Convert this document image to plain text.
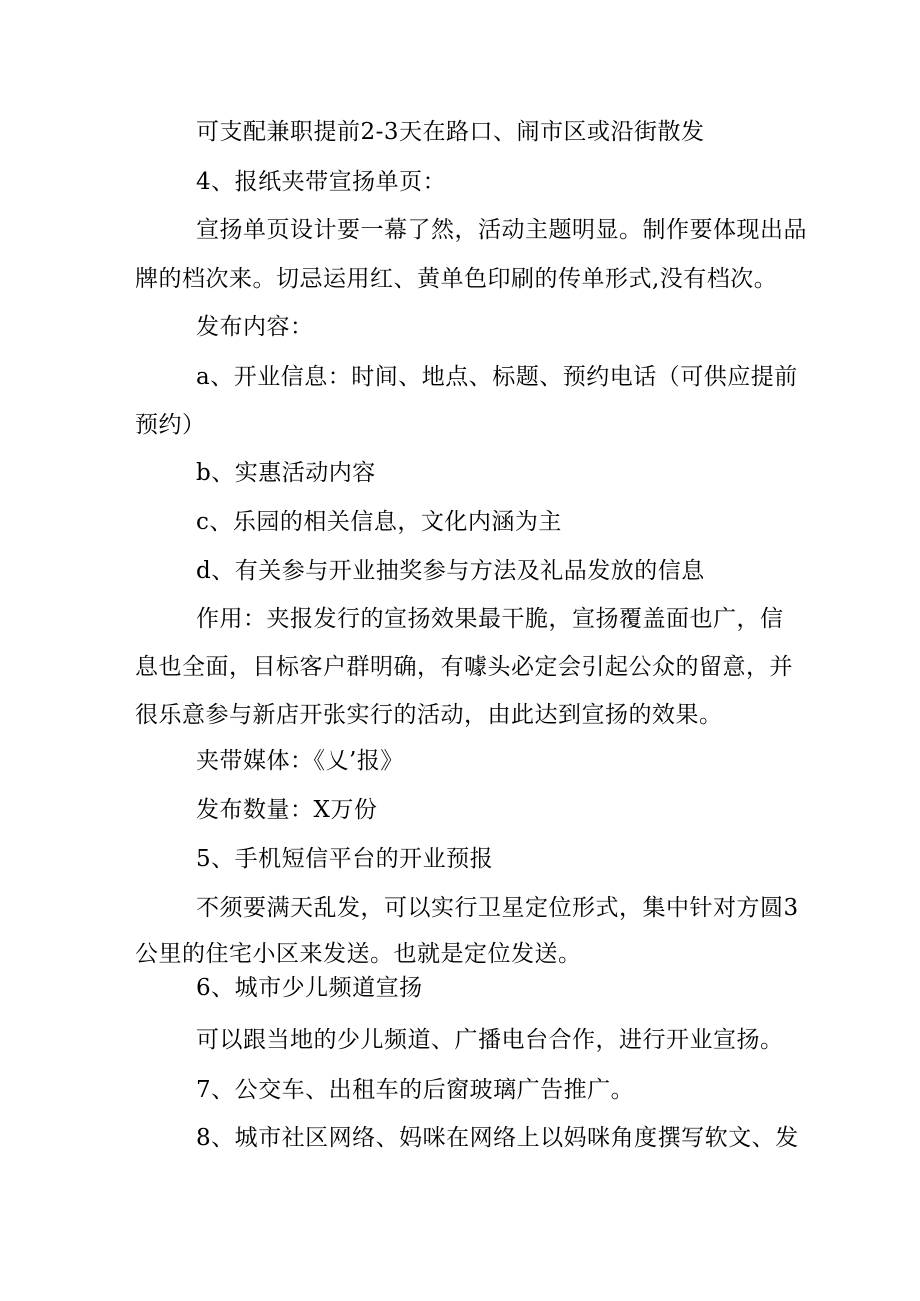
可支配兼职提前2-3天在路口、闹市区或沿街散发
4、报纸夹带宣扬单页：
宣扬单页设计要一幕了然，活动主题明显。制作要体现出品
牌的档次来。切忌运用红、黄单色印刷的传单形式,没有档次。
发布内容：
a、开业信息：时间、地点、标题、预约电话（可供应提前
预约）
b、实惠活动内容
c、乐园的相关信息，文化内涵为主
d、有关参与开业抽奖参与方法及礼品发放的信息
作用：夹报发行的宣扬效果最干脆，宣扬覆盖面也广，信
息也全面，目标客户群明确，有噱头必定会引起公众的留意，并
很乐意参与新店开张实行的活动，由此达到宣扬的效果。
夹带媒体：《乂’报》
发布数量：X万份
5、手机短信平台的开业预报
不须要满天乱发，可以实行卫星定位形式，集中针对方圆3
公里的住宅小区来发送。也就是定位发送。
6、城市少儿频道宣扬
可以跟当地的少儿频道、广播电台合作，进行开业宣扬。
7、公交车、出租车的后窗玻璃广告推广。
8、城市社区网络、妈咪在网络上以妈咪角度撰写软文、发
